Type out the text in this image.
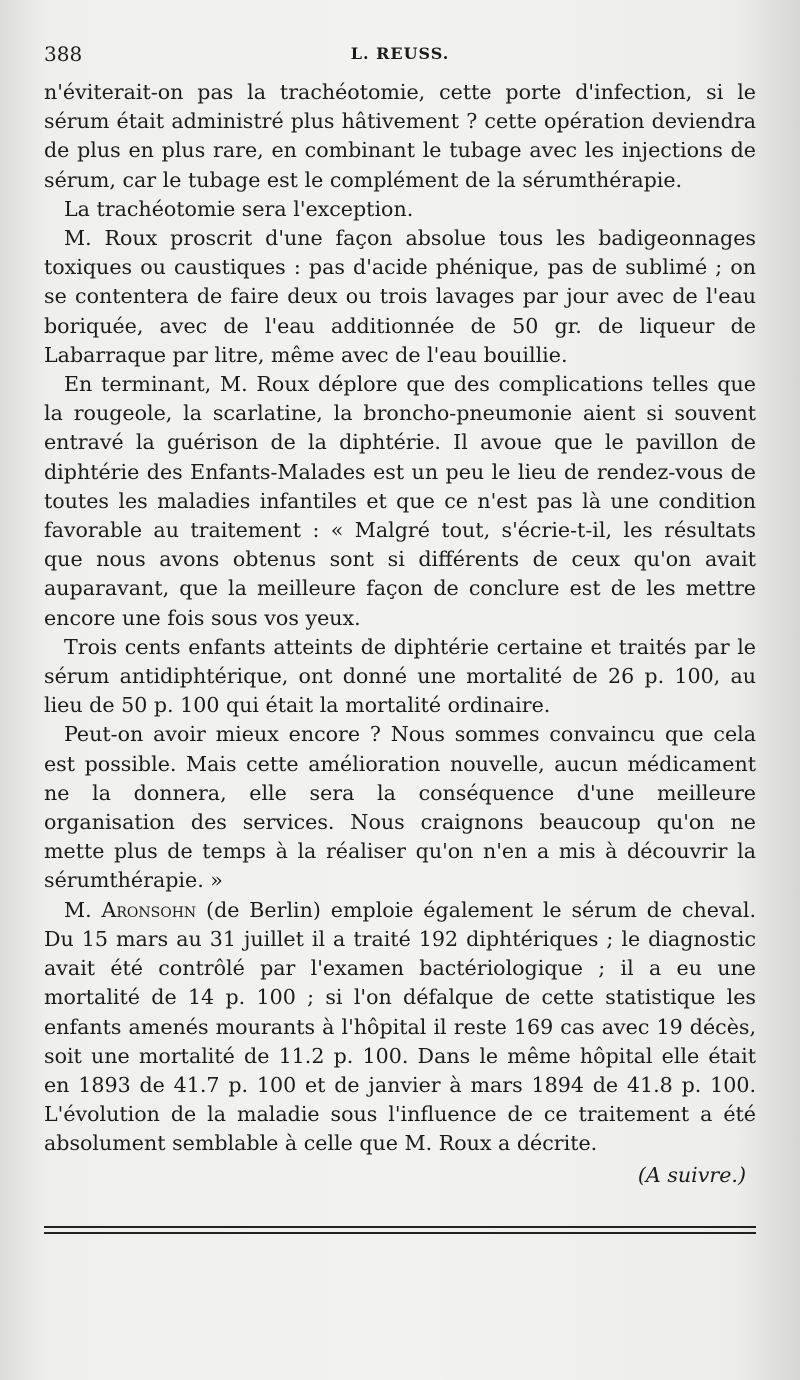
388	L. REUSS.

n'éviterait-on pas la trachéotomie, cette porte d'infection, si le sérum était administré plus hâtivement ? cette opération deviendra de plus en plus rare, en combinant le tubage avec les injections de sérum, car le tubage est le complément de la sérumthérapie.

La trachéotomie sera l'exception.

M. Roux proscrit d'une façon absolue tous les badigeonnages toxiques ou caustiques : pas d'acide phénique, pas de sublimé ; on se contentera de faire deux ou trois lavages par jour avec de l'eau boriquée, avec de l'eau additionnée de 50 gr. de liqueur de Labarraque par litre, même avec de l'eau bouillie.

En terminant, M. Roux déplore que des complications telles que la rougeole, la scarlatine, la broncho-pneumonie aient si souvent entravé la guérison de la diphtérie. Il avoue que le pavillon de diphtérie des Enfants-Malades est un peu le lieu de rendez-vous de toutes les maladies infantiles et que ce n'est pas là une condition favorable au traitement : « Malgré tout, s'écrie-t-il, les résultats que nous avons obtenus sont si différents de ceux qu'on avait auparavant, que la meilleure façon de conclure est de les mettre encore une fois sous vos yeux.

Trois cents enfants atteints de diphtérie certaine et traités par le sérum antidiphtérique, ont donné une mortalité de 26 p. 100, au lieu de 50 p. 100 qui était la mortalité ordinaire.

Peut-on avoir mieux encore ? Nous sommes convaincu que cela est possible. Mais cette amélioration nouvelle, aucun médicament ne la donnera, elle sera la conséquence d'une meilleure organisation des services. Nous craignons beaucoup qu'on ne mette plus de temps à la réaliser qu'on n'en a mis à découvrir la sérumthérapie. »

M. Aronsohn (de Berlin) emploie également le sérum de cheval. Du 15 mars au 31 juillet il a traité 192 diphtériques ; le diagnostic avait été contrôlé par l'examen bactériologique ; il a eu une mortalité de 14 p. 100 ; si l'on défalque de cette statistique les enfants amenés mourants à l'hôpital il reste 169 cas avec 19 décès, soit une mortalité de 11.2 p. 100. Dans le même hôpital elle était en 1893 de 41.7 p. 100 et de janvier à mars 1894 de 41.8 p. 100. L'évolution de la maladie sous l'influence de ce traitement a été absolument semblable à celle que M. Roux a décrite.

(A suivre.)
